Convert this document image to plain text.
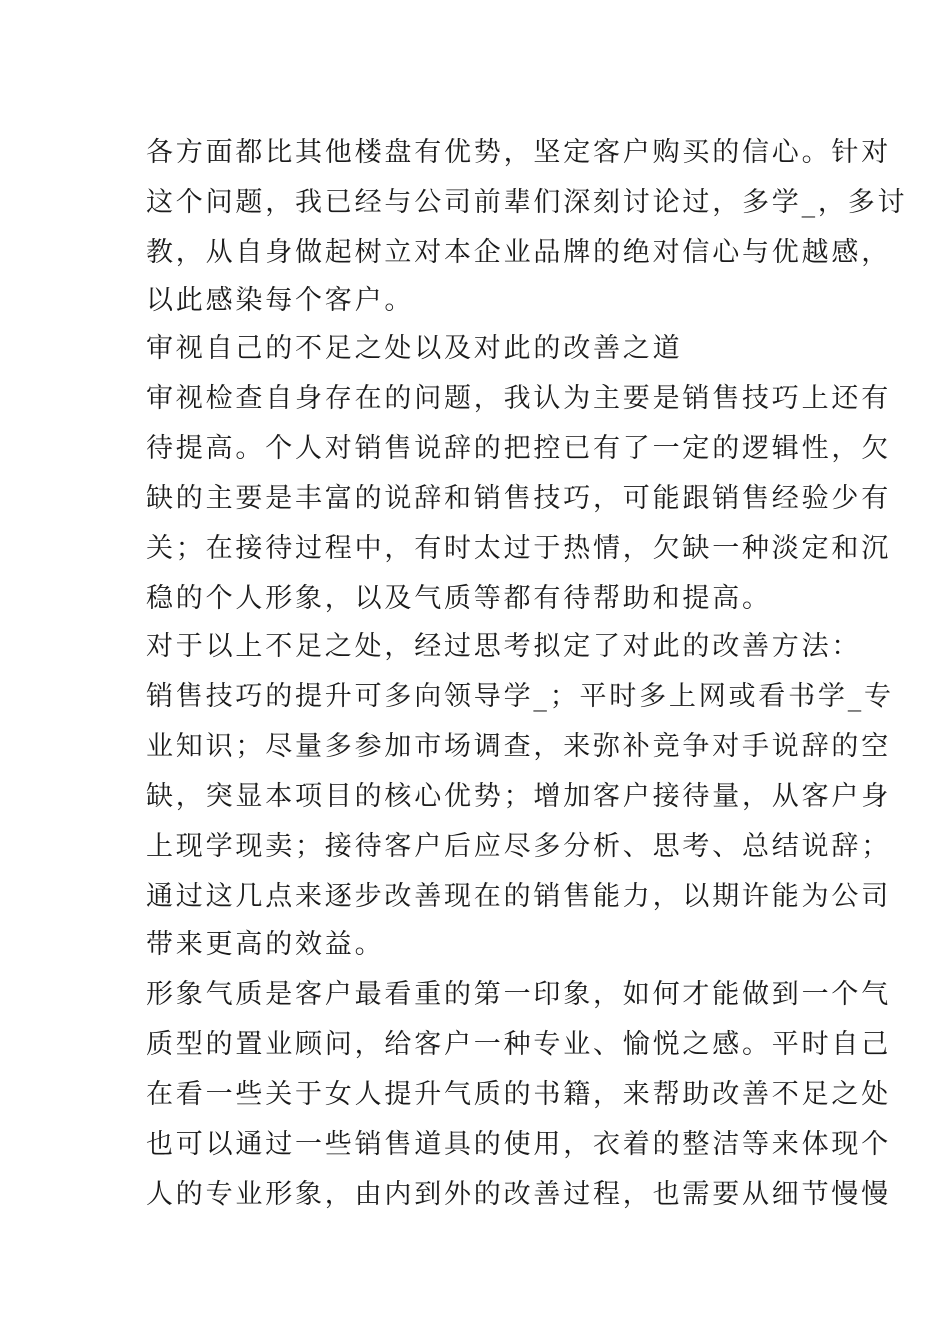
各方面都比其他楼盘有优势，坚定客户购买的信心。针对
这个问题，我已经与公司前辈们深刻讨论过，多学_，多讨
教，从自身做起树立对本企业品牌的绝对信心与优越感，
以此感染每个客户。
审视自己的不足之处以及对此的改善之道
审视检查自身存在的问题，我认为主要是销售技巧上还有
待提高。个人对销售说辞的把控已有了一定的逻辑性，欠
缺的主要是丰富的说辞和销售技巧，可能跟销售经验少有
关；在接待过程中，有时太过于热情，欠缺一种淡定和沉
稳的个人形象，以及气质等都有待帮助和提高。
对于以上不足之处，经过思考拟定了对此的改善方法：
销售技巧的提升可多向领导学_；平时多上网或看书学_专
业知识；尽量多参加市场调查，来弥补竞争对手说辞的空
缺，突显本项目的核心优势；增加客户接待量，从客户身
上现学现卖；接待客户后应尽多分析、思考、总结说辞；
通过这几点来逐步改善现在的销售能力，以期许能为公司
带来更高的效益。
形象气质是客户最看重的第一印象，如何才能做到一个气
质型的置业顾问，给客户一种专业、愉悦之感。平时自己
在看一些关于女人提升气质的书籍，来帮助改善不足之处
也可以通过一些销售道具的使用，衣着的整洁等来体现个
人的专业形象，由内到外的改善过程，也需要从细节慢慢
